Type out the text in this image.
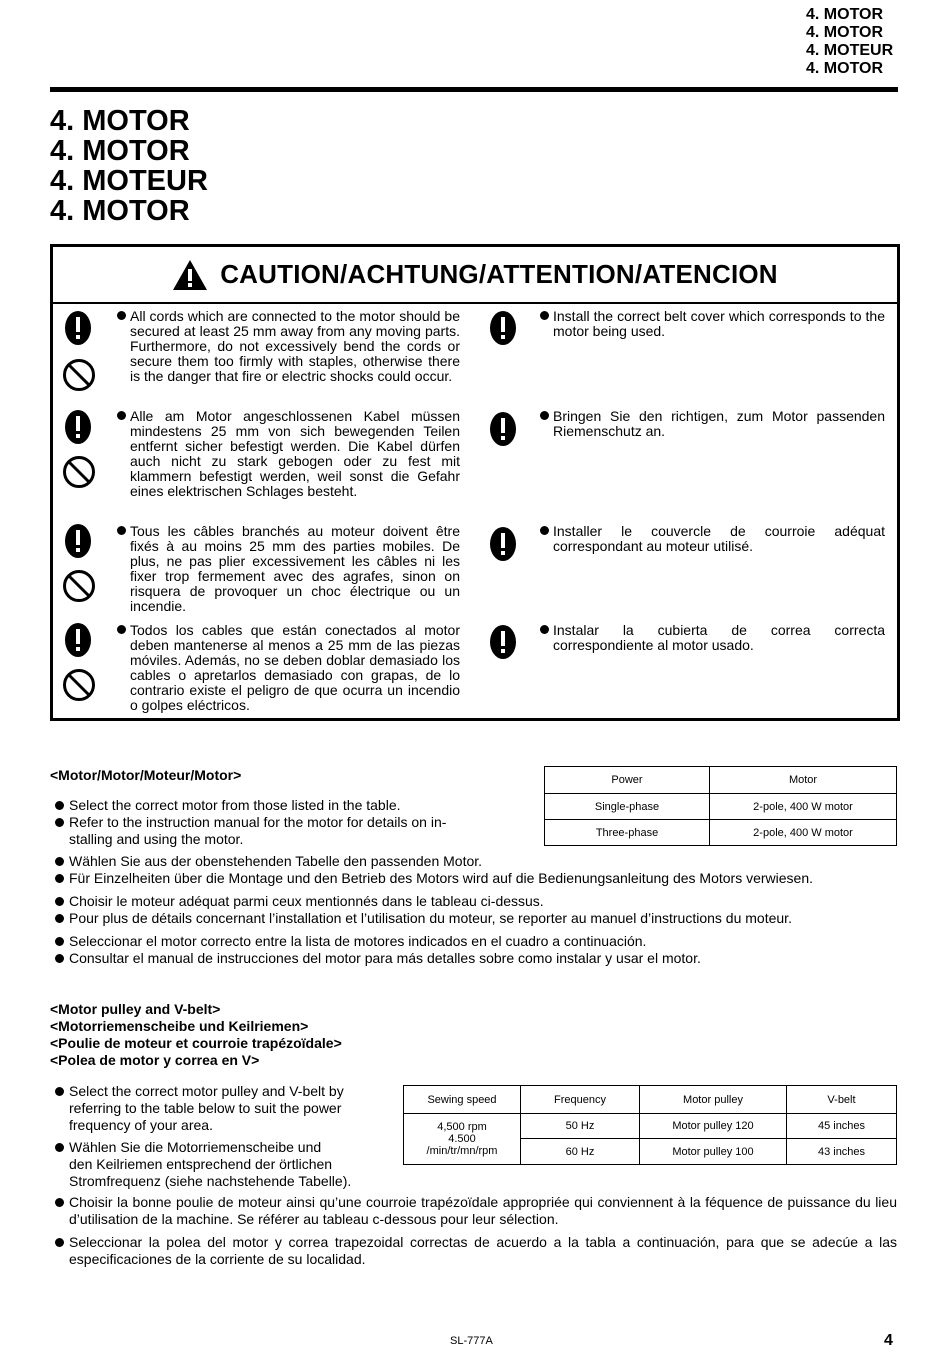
4. MOTOR
4. MOTOR
4. MOTEUR
4. MOTOR
4. MOTOR
4. MOTOR
4. MOTEUR
4. MOTOR
CAUTION/ACHTUNG/ATTENTION/ATENCION
All cords which are connected to the motor should be secured at least 25 mm away from any moving parts. Furthermore, do not excessively bend the cords or secure them too firmly with staples, otherwise there is the danger that fire or electric shocks could occur.
Install the correct belt cover which corresponds to the motor being used.
Alle am Motor angeschlossenen Kabel müssen mindestens 25 mm von sich bewegenden Teilen entfernt sicher befestigt werden. Die Kabel dürfen auch nicht zu stark gebogen oder zu fest mit klammern befestigt werden, weil sonst die Gefahr eines elektrischen Schlages besteht.
Bringen Sie den richtigen, zum Motor passenden Riemenschutz an.
Tous les câbles branchés au moteur doivent être fixés à au moins 25 mm des parties mobiles. De plus, ne pas plier excessivement les câbles ni les fixer trop fermement avec des agrafes, sinon on risquera de provoquer un choc électrique ou un incendie.
Installer le couvercle de courroie adéquat correspondant au moteur utilisé.
Todos los cables que están conectados al motor deben mantenerse al menos a 25 mm de las piezas móviles. Además, no se deben doblar demasiado los cables o apretarlos demasiado con grapas, de lo contrario existe el peligro de que ocurra un incendio o golpes eléctricos.
Instalar la cubierta de correa correcta correspondiente al motor usado.
<Motor/Motor/Moteur/Motor>	Power	Motor
Single-phase	2-pole, 400 W motor
Three-phase	2-pole, 400 W motor
Select the correct motor from those listed in the table.
Refer to the instruction manual for the motor for details on in-
stalling and using the motor.
Wählen Sie aus der obenstehenden Tabelle den passenden Motor.
Für Einzelheiten über die Montage und den Betrieb des Motors wird auf die Bedienungsanleitung des Motors verwiesen.
Choisir le moteur adéquat parmi ceux mentionnés dans le tableau ci-dessus.
Pour plus de détails concernant l’installation et l’utilisation du moteur, se reporter au manuel d’instructions du moteur.
Seleccionar el motor correcto entre la lista de motores indicados en el cuadro a continuación.
Consultar el manual de instrucciones del motor para más detalles sobre como instalar y usar el motor.
<Motor pulley and V-belt>
<Motorriemenscheibe und Keilriemen>
<Poulie de moteur et courroie trapézoïdale>
<Polea de motor y correa en V>
Select the correct motor pulley and V-belt by
referring to the table below to suit the power
frequency of your area.
Wählen Sie die Motorriemenscheibe und
den Keilriemen entsprechend der örtlichen
Stromfrequenz (siehe nachstehende Tabelle).
Sewing speed	Frequency	Motor pulley	V-belt

4,500 rpm
4.500
/min/tr/mn/rpm	50 Hz	Motor pulley 120	45 inches
	60 Hz	Motor pulley 100	43 inches
Choisir la bonne poulie de moteur ainsi qu’une courroie trapézoïdale appropriée qui conviennent à la féquence de puissance du lieu d’utilisation de la machine. Se référer au tableau c-dessous pour leur sélection.
Seleccionar la polea del motor y correa trapezoidal correctas de acuerdo a la tabla a continuación, para que se adecúe a las especificaciones de la corriente de su localidad.
SL-777A	4
